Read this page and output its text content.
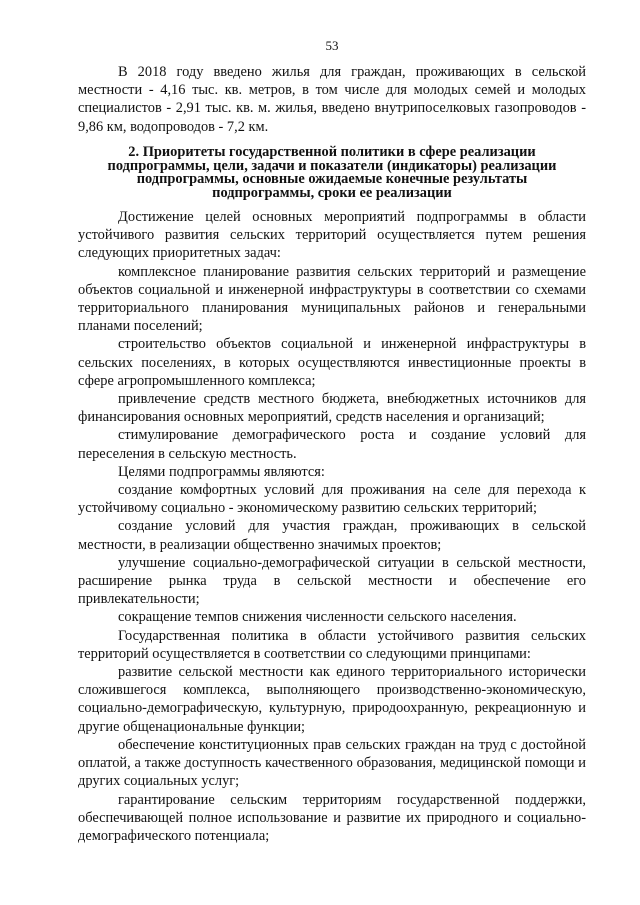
53

В 2018 году введено жилья для граждан, проживающих в сельской местности - 4,16 тыс. кв. метров, в том числе для молодых семей и молодых специалистов - 2,91 тыс. кв. м. жилья, введено внутрипоселковых газопроводов - 9,86 км, водопроводов - 7,2 км.

2. Приоритеты государственной политики в сфере реализации
подпрограммы, цели, задачи и показатели (индикаторы) реализации
подпрограммы, основные ожидаемые конечные результаты
подпрограммы, сроки ее реализации

Достижение целей основных мероприятий подпрограммы в области устойчивого развития сельских территорий осуществляется путем решения следующих приоритетных задач:

комплексное планирование развития сельских территорий и размещение объектов социальной и инженерной инфраструктуры в соответствии со схемами территориального планирования муниципальных районов и генеральными планами поселений;

строительство объектов социальной и инженерной инфраструктуры в сельских поселениях, в которых осуществляются инвестиционные проекты в сфере агропромышленного комплекса;

привлечение средств местного бюджета, внебюджетных источников для финансирования основных мероприятий, средств населения и организаций;

стимулирование демографического роста и создание условий для переселения в сельскую местность.

Целями подпрограммы являются:

создание комфортных условий для проживания на селе для перехода к устойчивому социально - экономическому развитию сельских территорий;

создание условий для участия граждан, проживающих в сельской местности, в реализации общественно значимых проектов;

улучшение социально-демографической ситуации в сельской местности, расширение рынка труда в сельской местности и обеспечение его привлекательности;

сокращение темпов снижения численности сельского населения.

Государственная политика в области устойчивого развития сельских территорий осуществляется в соответствии со следующими принципами:

развитие сельской местности как единого территориального исторически сложившегося комплекса, выполняющего производственно-экономическую, социально-демографическую, культурную, природоохранную, рекреационную и другие общенациональные функции;

обеспечение конституционных прав сельских граждан на труд с достойной оплатой, а также доступность качественного образования, медицинской помощи и других социальных услуг;

гарантирование сельским территориям государственной поддержки, обеспечивающей полное использование и развитие их природного и социально-демографического потенциала;
